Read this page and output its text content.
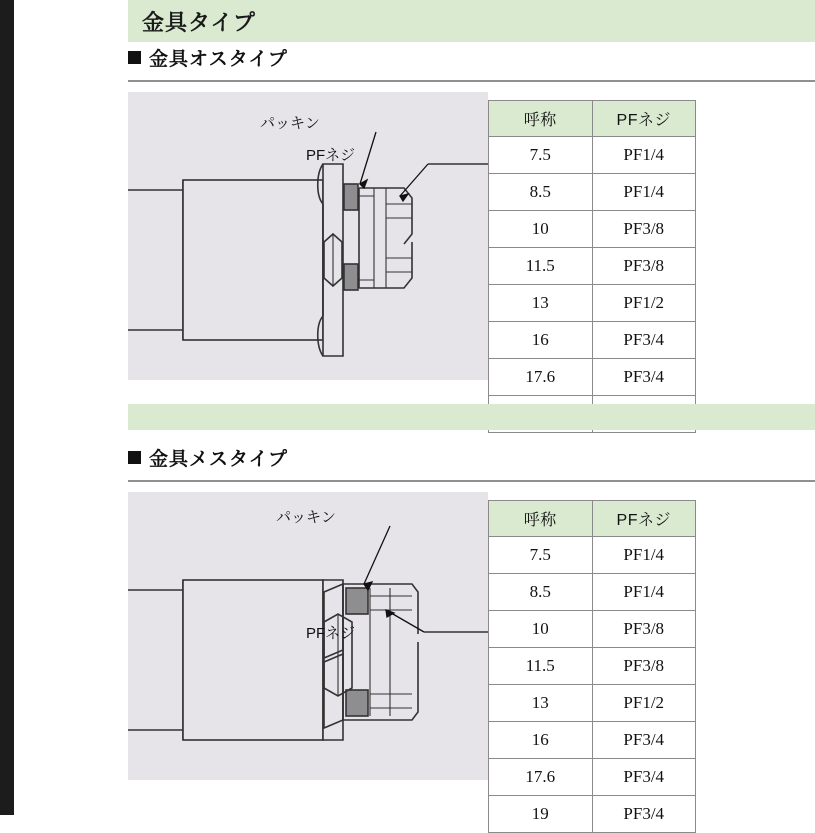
金具タイプ
金具オスタイプ
パッキン
PFネジ
呼称	PFネジ
7.5	PF1/4
8.5	PF1/4
10	PF3/8
11.5	PF3/8
13	PF1/2
16	PF3/4
17.6	PF3/4

金具メスタイプ
パッキン
PFネジ
呼称	PFネジ
7.5	PF1/4
8.5	PF1/4
10	PF3/8
11.5	PF3/8
13	PF1/2
16	PF3/4
17.6	PF3/4
19	PF3/4
